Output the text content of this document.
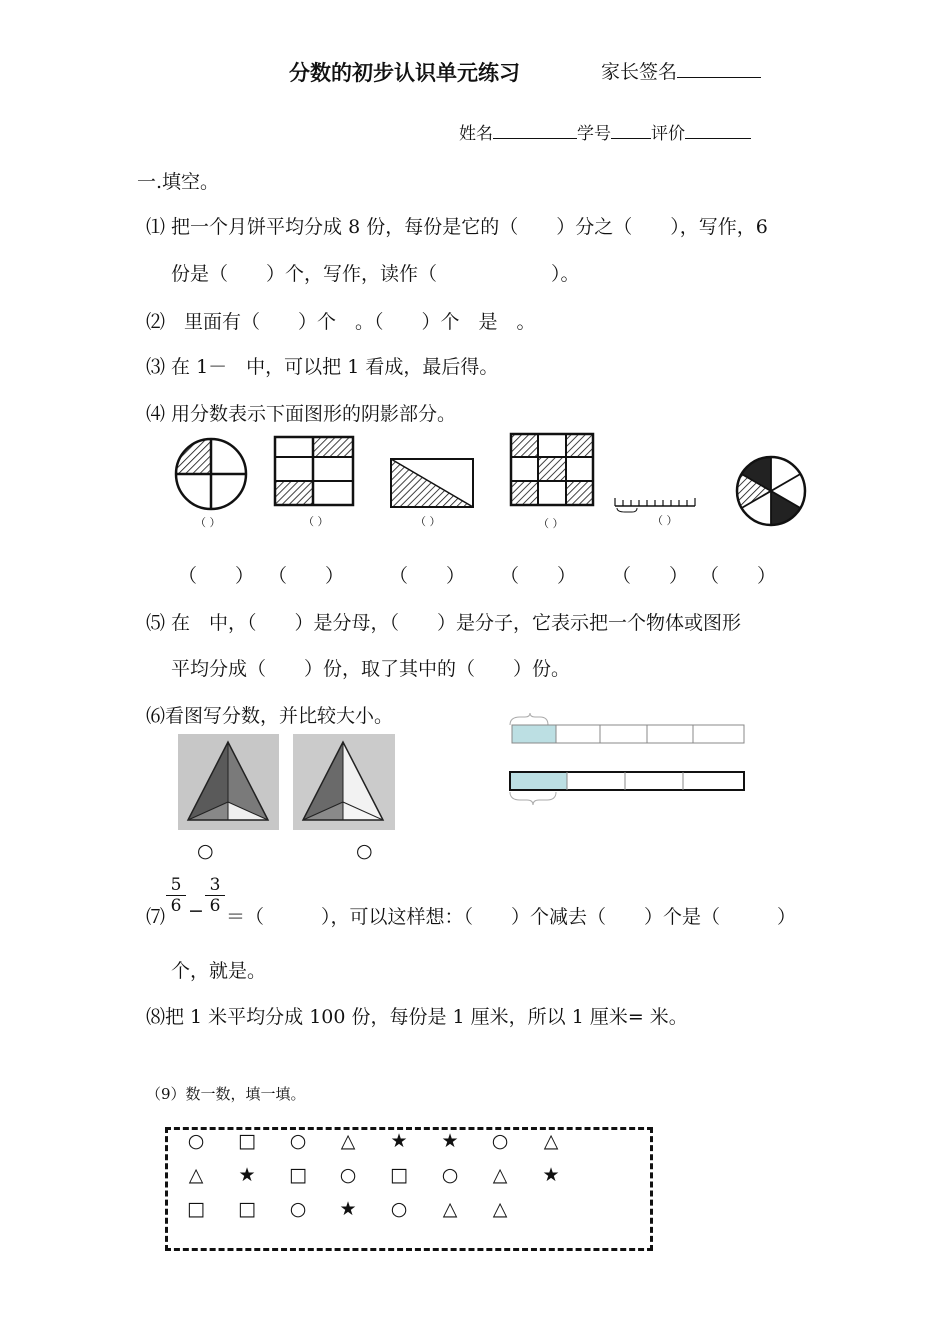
分数的初步认识单元练习	家长签名
姓名	学号 评价
一.填空。
⑴ 把一个月饼平均分成 8 份，每份是它的（　　）分之（　　），写作，6
份是（　　）个，写作，读作（　　　　　　）。
⑵　里面有（　　）个　。（　　）个　是　。
⑶ 在 1－　中，可以把 1 看成，最后得。
⑷ 用分数表示下面图形的阴影部分。
（ ）	（ ）	（ ）	（ ）	（ ）
（　　） （　　） （　　） （　　） （　　） （　　）
⑸ 在　中，（　　）是分母，（　　）是分子，它表示把一个物体或图形
平均分成（　　）份，取了其中的（　　）份。
⑹看图写分数，并比较大小。
○	○
$\frac{5}{6} - \frac{3}{6}$
⑺	＝（　　　），可以这样想：（　　）个减去（　　）个是（　　　）
个，就是。
⑻把 1 米平均分成 100 份，每份是 1 厘米，所以 1 厘米= 米。
（9）数一数，填一填。
○ □ ○ △ ★ ★ ○ △
△ ★ □ ○ □ ○ △ ★
□ □ ○ ★ ○ △ △
